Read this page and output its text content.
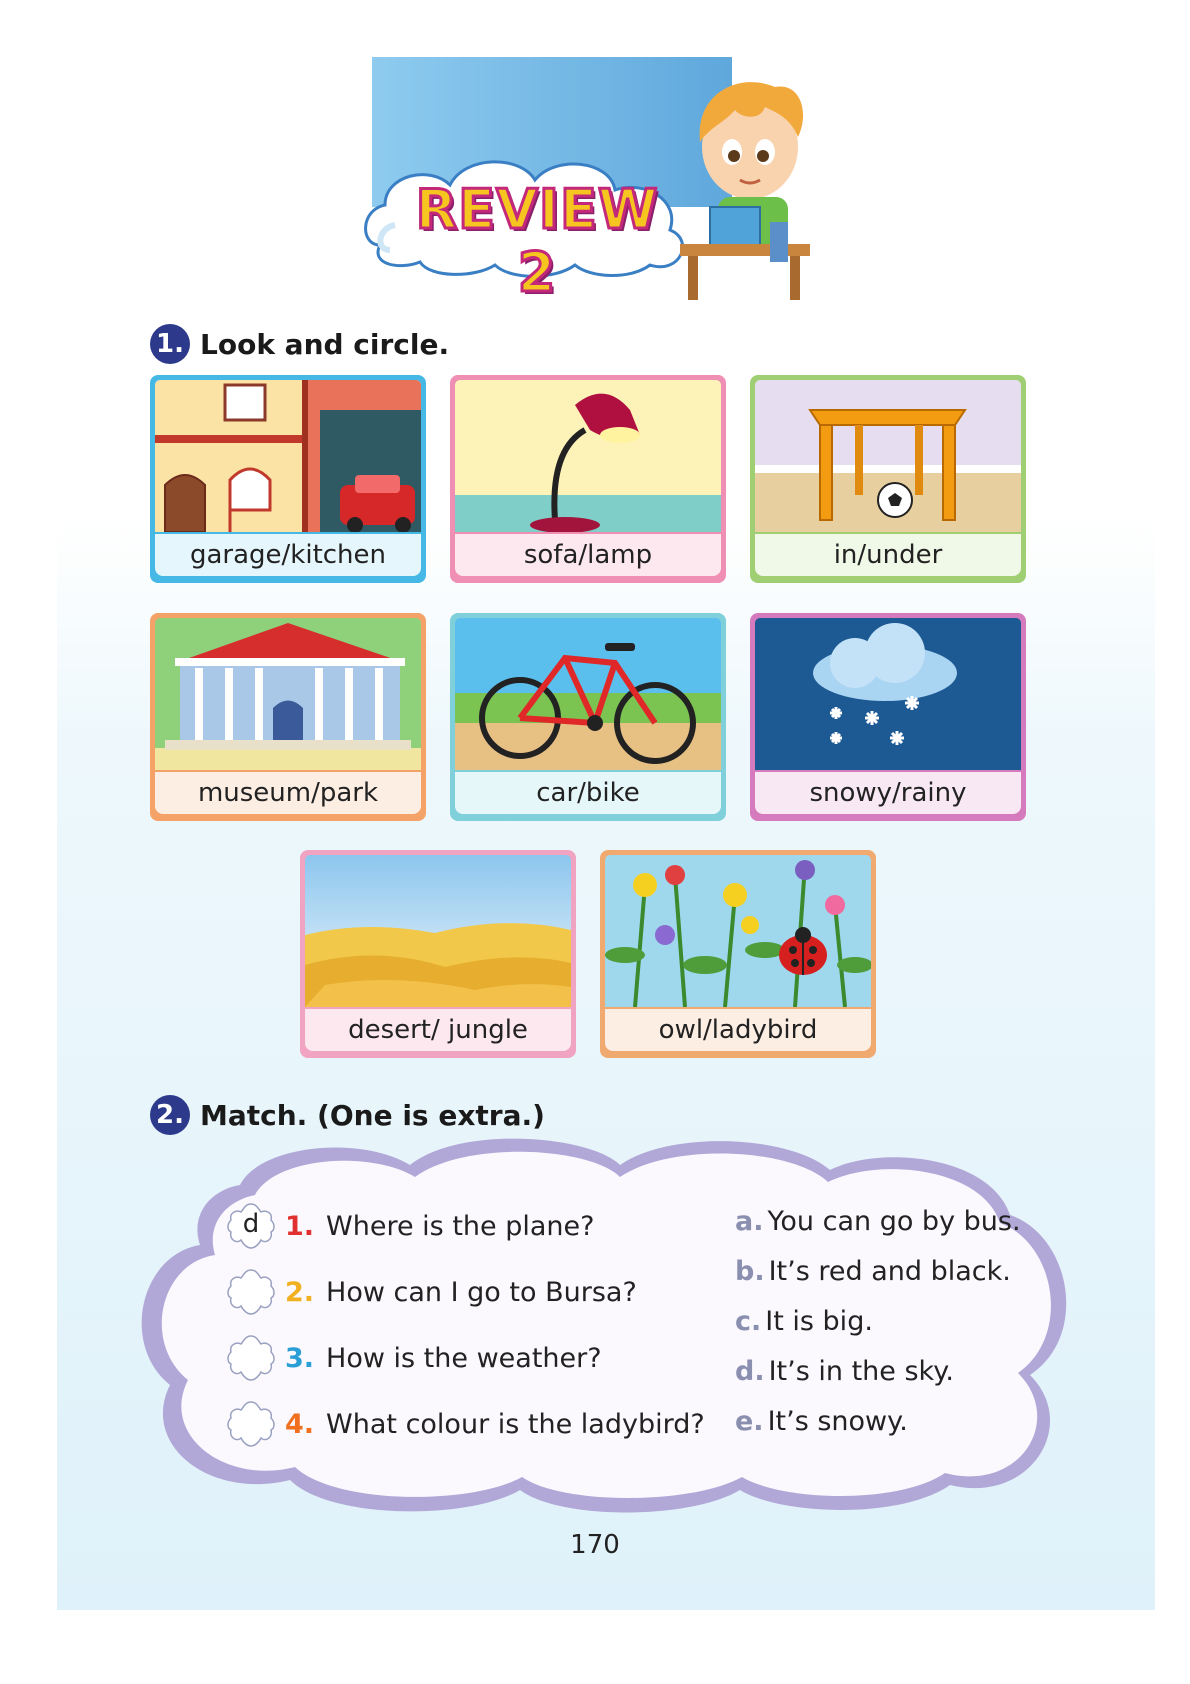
REVIEW 2
1. Look and circle.
garage/kitchen	sofa/lamp	in/under
museum/park	car/bike	snowy/rainy
desert/ jungle	owl/ladybird
2. Match. (One is extra.)
d 1. Where is the plane?
2. How can I go to Bursa?
3. How is the weather?
4. What colour is the ladybird?
a. You can go by bus.
b. It’s red and black.
c. It is big.
d. It’s in the sky.
e. It’s snowy.
170
